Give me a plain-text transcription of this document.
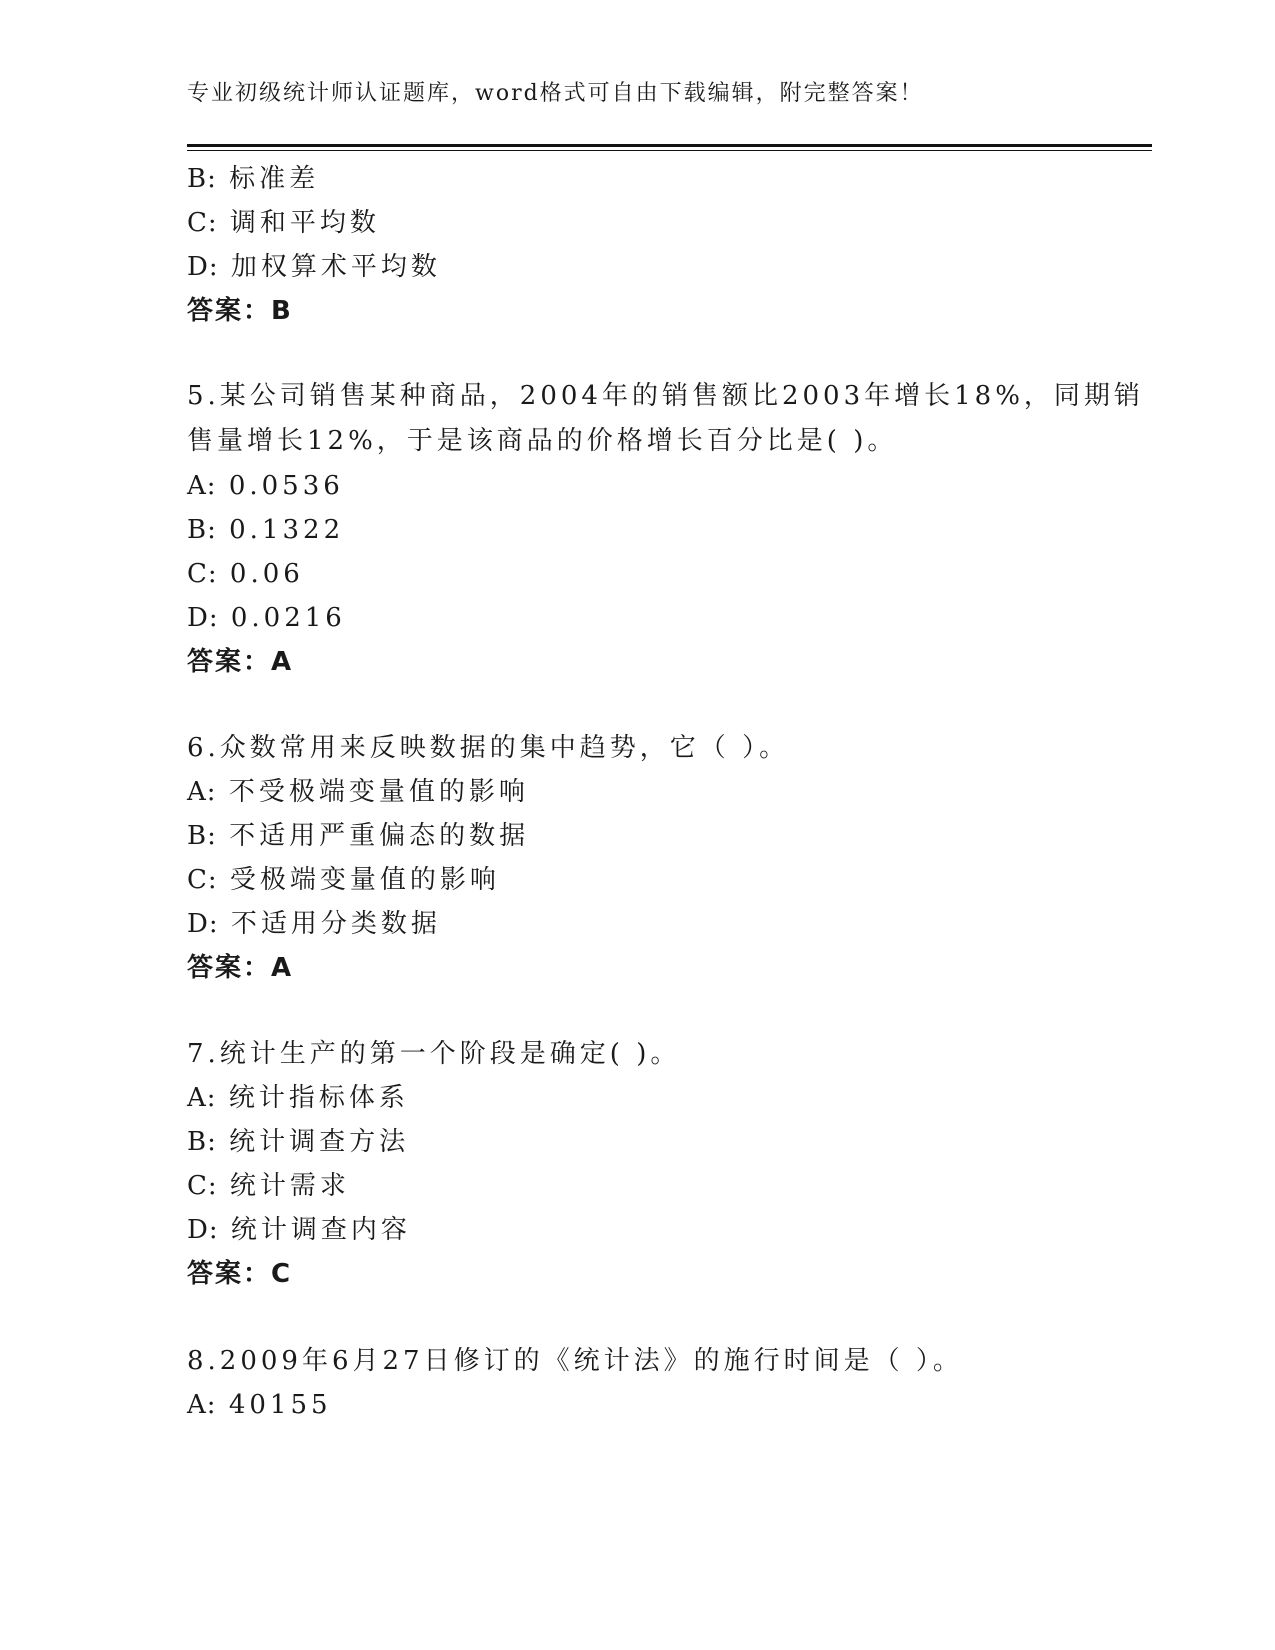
专业初级统计师认证题库，word格式可自由下载编辑，附完整答案！
B: 标准差
C: 调和平均数
D: 加权算术平均数
答案：B
5.某公司销售某种商品，2004年的销售额比2003年增长18%，同期销
售量增长12%，于是该商品的价格增长百分比是( )。
A: 0.0536
B: 0.1322
C: 0.06
D: 0.0216
答案：A
6.众数常用来反映数据的集中趋势，它（ ）。
A: 不受极端变量值的影响
B: 不适用严重偏态的数据
C: 受极端变量值的影响
D: 不适用分类数据
答案：A
7.统计生产的第一个阶段是确定( )。
A: 统计指标体系
B: 统计调查方法
C: 统计需求
D: 统计调查内容
答案：C
8.2009年6月27日修订的《统计法》的施行时间是（ ）。
A: 40155
